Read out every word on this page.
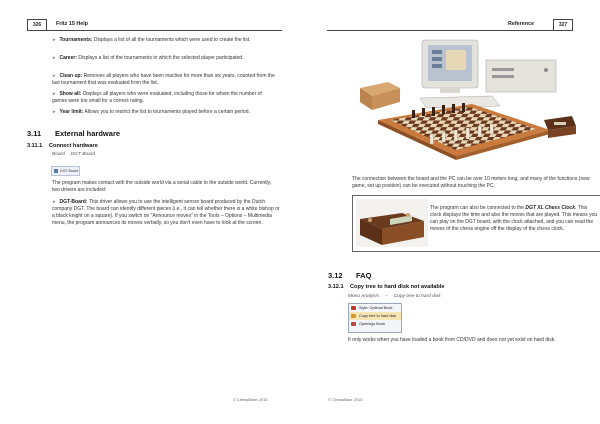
326	Fritz 15 Help
► Tournaments: Displays a list of all the tournaments which were used to create the list.
► Career: Displays a list of the tournaments in which the selected player participated.
► Clean up: Removes all players who have been inactive for more than six years, counted from the last tournament that was evaluated from the list.
► Show all: Displays all players who were evaluated, including those for whom the number of games were too small for a correct rating.
► Year limit: Allows you to restrict the list to tournaments played before a certain period.
3.11 External hardware
3.11.1 Connect hardware
Board DGT Board
DGT Board
The program makes contact with the outside world via a serial cable to the outside world. Currently, two drivers are included:
► DGT-Board: This driver allows you to use the intelligent sensor board produced by the Dutch company DGT. The board can identify different pieces (i.e., it can tell whether there is a white bishop or a black knight on a square). If you switch on "Announce moves" in the Tools – Options – Multimedia menu, the program announces its moves verbally, so you don't even have to look at the screen.
© ChessBase 2015
Reference	327
© ChessBase 2015
The connection between the board and the PC can be over 10 meters long, and many of the functions (new game, set up position) can be executed without touching the PC.
The program can also be connected to the DGT XL Chess Clock. This clock displays the time and also the moves that are played. This means you can play on the DGT board, with the clock attached, and you can read the moves of the chess engine off the display of the chess clock.
3.12 FAQ
3.12.1 Copy tree to hard disk not available
Menu Analysis – Copy tree to hard disk
Style: Optimal Book
Copy tree to hard disk
Openings Book
It only works when you have loaded a book from CD/DVD and does not yet exist on hard disk.
